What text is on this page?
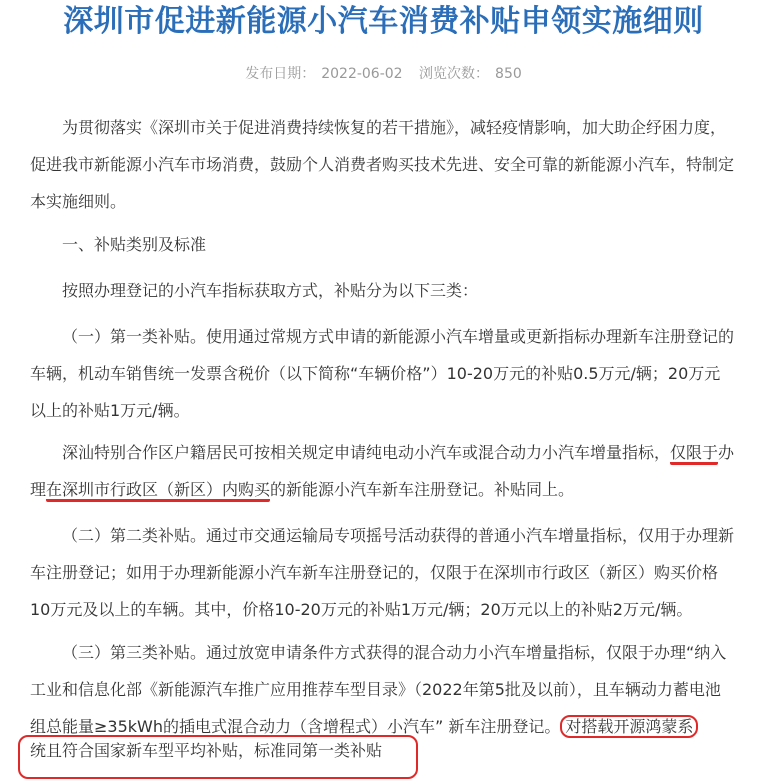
深圳市促进新能源小汽车消费补贴申领实施细则
发布日期： 2022-06-02 浏览次数： 850

为贯彻落实《深圳市关于促进消费持续恢复的若干措施》，减轻疫情影响，加大助企纾困力度，促进我市新能源小汽车市场消费，鼓励个人消费者购买技术先进、安全可靠的新能源小汽车，特制定本实施细则。

一、补贴类别及标准

按照办理登记的小汽车指标获取方式，补贴分为以下三类：

（一）第一类补贴。使用通过常规方式申请的新能源小汽车增量或更新指标办理新车注册登记的车辆，机动车销售统一发票含税价（以下简称“车辆价格”）10-20万元的补贴0.5万元/辆；20万元以上的补贴1万元/辆。

深汕特别合作区户籍居民可按相关规定申请纯电动小汽车或混合动力小汽车增量指标，仅限于办理在深圳市行政区（新区）内购买的新能源小汽车新车注册登记。补贴同上。

（二）第二类补贴。通过市交通运输局专项摇号活动获得的普通小汽车增量指标，仅用于办理新车注册登记；如用于办理新能源小汽车新车注册登记的，仅限于在深圳市行政区（新区）购买价格10万元及以上的车辆。其中，价格10-20万元的补贴1万元/辆；20万元以上的补贴2万元/辆。

（三）第三类补贴。通过放宽申请条件方式获得的混合动力小汽车增量指标，仅限于办理“纳入工业和信息化部《新能源汽车推广应用推荐车型目录》（2022年第5批及以前），且车辆动力蓄电池组总能量≥35kWh的插电式混合动力（含增程式）小汽车” 新车注册登记。 对搭载开源鸿蒙系

统且符合国家新车型平均补贴，标准同第一类补贴
